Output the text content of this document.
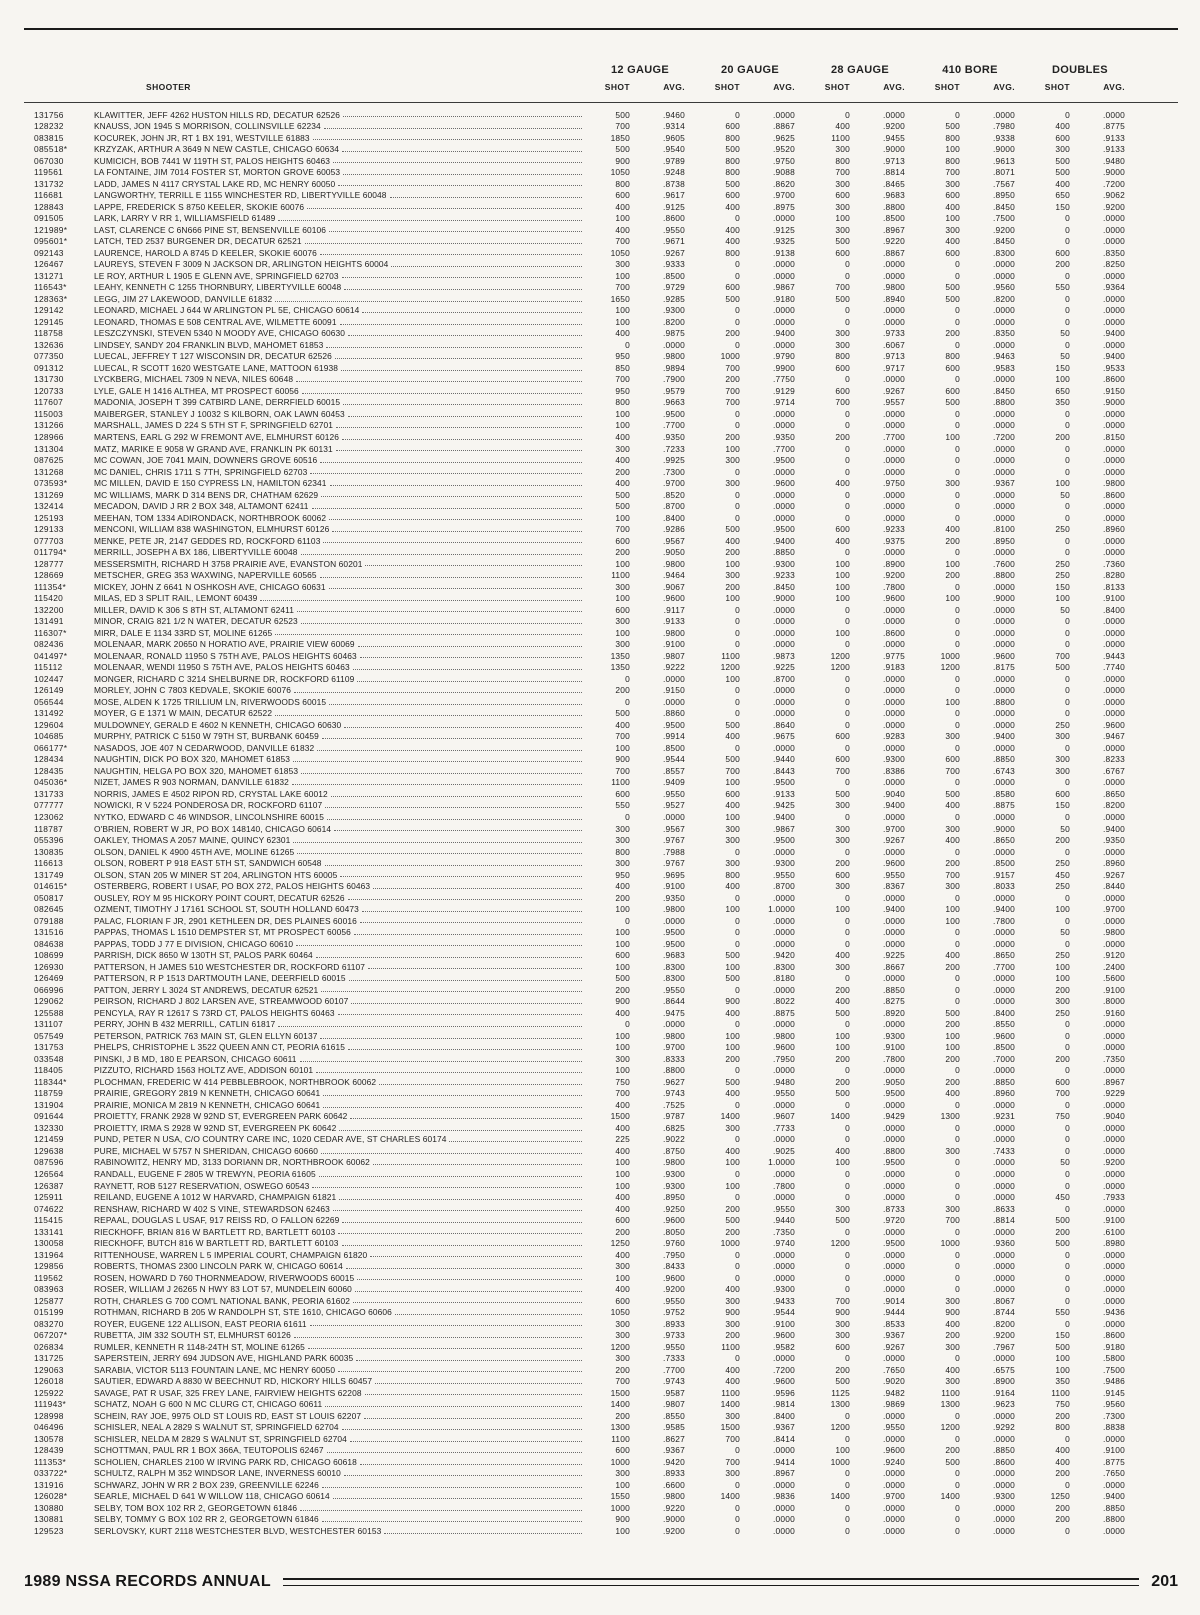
12 GAUGE	20 GAUGE	28 GAUGE	410 BORE	DOUBLES
SHOOTER	SHOT	AVG.	SHOT	AVG.	SHOT	AVG.	SHOT	AVG.	SHOT	AVG.
131756	KLAWITTER, JEFF 4262 HUSTON HILLS RD, DECATUR 62526	500	.9460	0	.0000	0	.0000	0	.0000	0	.0000
128232	KNAUSS, JON 1945 S MORRISON, COLLINSVILLE 62234	700	.9314	600	.8867	400	.9200	500	.7980	400	.8775
083815	KOCUREK, JOHN JR, RT 1 BX 191, WESTVILLE 61883	1850	.9605	800	.9625	1100	.9455	800	.9338	600	.9133
085518*	KRZYZAK, ARTHUR A 3649 N NEW CASTLE, CHICAGO 60634	500	.9540	500	.9520	300	.9000	100	.9000	300	.9133
067030	KUMICICH, BOB 7441 W 119TH ST, PALOS HEIGHTS 60463	900	.9789	800	.9750	800	.9713	800	.9613	500	.9480
119561	LA FONTAINE, JIM 7014 FOSTER ST, MORTON GROVE 60053	1050	.9248	800	.9088	700	.8814	700	.8071	500	.9000
131732	LADD, JAMES N 4117 CRYSTAL LAKE RD, MC HENRY 60050	800	.8738	500	.8620	300	.8465	300	.7567	400	.7200
116681	LANGWORTHY, TERRILL E 1155 WINCHESTER RD, LIBERTYVILLE 60048	600	.9617	600	.9700	600	.9683	600	.8950	650	.9062
128843	LAPPE, FREDERICK S 8750 KEELER, SKOKIE 60076	400	.9125	400	.8975	300	.8800	400	.8450	150	.9200
091505	LARK, LARRY V RR 1, WILLIAMSFIELD 61489	100	.8600	0	.0000	100	.8500	100	.7500	0	.0000
121989*	LAST, CLARENCE C 6N666 PINE ST, BENSENVILLE 60106	400	.9550	400	.9125	300	.8967	300	.9200	0	.0000
095601*	LATCH, TED 2537 BURGENER DR, DECATUR 62521	700	.9671	400	.9325	500	.9220	400	.8450	0	.0000
092143	LAURENCE, HAROLD A 8745 D KEELER, SKOKIE 60076	1050	.9267	800	.9138	600	.8867	600	.8300	600	.8350
126467	LAUREYS, STEVEN F 3009 N JACKSON DR, ARLINGTON HEIGHTS 60004	300	.9333	0	.0000	0	.0000	0	.0000	200	.8250
131271	LE ROY, ARTHUR L 1905 E GLENN AVE, SPRINGFIELD 62703	100	.8500	0	.0000	0	.0000	0	.0000	0	.0000
116543*	LEAHY, KENNETH C 1255 THORNBURY, LIBERTYVILLE 60048	700	.9729	600	.9867	700	.9800	500	.9560	550	.9364
128363*	LEGG, JIM 27 LAKEWOOD, DANVILLE 61832	1650	.9285	500	.9180	500	.8940	500	.8200	0	.0000
129142	LEONARD, MICHAEL J 644 W ARLINGTON PL 5E, CHICAGO 60614	100	.9300	0	.0000	0	.0000	0	.0000	0	.0000
129145	LEONARD, THOMAS E 508 CENTRAL AVE, WILMETTE 60091	100	.8200	0	.0000	0	.0000	0	.0000	0	.0000
118758	LESZCZYNSKI, STEVEN 5340 N MOODY AVE, CHICAGO 60630	400	.9875	200	.9400	300	.9733	200	.8350	50	.9400
132636	LINDSEY, SANDY 204 FRANKLIN BLVD, MAHOMET 61853	0	.0000	0	.0000	300	.6067	0	.0000	0	.0000
077350	LUECAL, JEFFREY T 127 WISCONSIN DR, DECATUR 62526	950	.9800	1000	.9790	800	.9713	800	.9463	50	.9400
091312	LUECAL, R SCOTT 1620 WESTGATE LANE, MATTOON 61938	850	.9894	700	.9900	600	.9717	600	.9583	150	.9533
131730	LYCKBERG, MICHAEL 7309 N NEVA, NILES 60648	700	.7900	200	.7750	0	.0000	0	.0000	100	.8600
120733	LYLE, GALE H 1416 ALTHEA, MT PROSPECT 60056	950	.9579	700	.9129	600	.9267	600	.8450	650	.9150
117607	MADONIA, JOSEPH T 399 CATBIRD LANE, DERRFIELD 60015	800	.9663	700	.9714	700	.9557	500	.8800	350	.9000
115003	MAIBERGER, STANLEY J 10032 S KILBORN, OAK LAWN 60453	100	.9500	0	.0000	0	.0000	0	.0000	0	.0000
131266	MARSHALL, JAMES D 224 S 5TH ST F, SPRINGFIELD 62701	100	.7700	0	.0000	0	.0000	0	.0000	0	.0000
128966	MARTENS, EARL G 292 W FREMONT AVE, ELMHURST 60126	400	.9350	200	.9350	200	.7700	100	.7200	200	.8150
131304	MATZ, MARIKE E 9058 W GRAND AVE, FRANKLIN PK 60131	300	.7233	100	.7700	0	.0000	0	.0000	0	.0000
087625	MC COWAN, JOE 7041 MAIN, DOWNERS GROVE 60516	400	.9925	300	.9500	0	.0000	0	.0000	0	.0000
131268	MC DANIEL, CHRIS 1711 S 7TH, SPRINGFIELD 62703	200	.7300	0	.0000	0	.0000	0	.0000	0	.0000
073593*	MC MILLEN, DAVID E 150 CYPRESS LN, HAMILTON 62341	400	.9700	300	.9600	400	.9750	300	.9367	100	.9800
131269	MC WILLIAMS, MARK D 314 BENS DR, CHATHAM 62629	500	.8520	0	.0000	0	.0000	0	.0000	50	.8600
132414	MECADON, DAVID J RR 2 BOX 348, ALTAMONT 62411	500	.8700	0	.0000	0	.0000	0	.0000	0	.0000
125193	MEEHAN, TOM 1334 ADIRONDACK, NORTHBROOK 60062	100	.8400	0	.0000	0	.0000	0	.0000	0	.0000
129133	MENCONI, WILLIAM 838 WASHINGTON, ELMHURST 60126	700	.9286	500	.9500	600	.9233	400	.8100	250	.8960
077703	MENKE, PETE JR, 2147 GEDDES RD, ROCKFORD 61103	600	.9567	400	.9400	400	.9375	200	.8950	0	.0000
011794*	MERRILL, JOSEPH A BX 186, LIBERTYVILLE 60048	200	.9050	200	.8850	0	.0000	0	.0000	0	.0000
128777	MESSERSMITH, RICHARD H 3758 PRAIRIE AVE, EVANSTON 60201	100	.9800	100	.9300	100	.8900	100	.7600	250	.7360
128669	METSCHER, GREG 353 WAXWING, NAPERVILLE 60565	1100	.9464	300	.9233	100	.9200	200	.8800	250	.8280
111354*	MICKEY, JOHN Z 6641 N OSHKOSH AVE, CHICAGO 60631	300	.9067	200	.8450	100	.7800	0	.0000	150	.8133
115420	MILAS, ED 3 SPLIT RAIL, LEMONT 60439	100	.9600	100	.9000	100	.9600	100	.9000	100	.9100
132200	MILLER, DAVID K 306 S 8TH ST, ALTAMONT 62411	600	.9117	0	.0000	0	.0000	0	.0000	50	.8400
131491	MINOR, CRAIG 821 1/2 N WATER, DECATUR 62523	300	.9133	0	.0000	0	.0000	0	.0000	0	.0000
116307*	MIRR, DALE E 1134 33RD ST, MOLINE 61265	100	.9800	0	.0000	100	.8600	0	.0000	0	.0000
082436	MOLENAAR, MARK 20650 N HORATIO AVE, PRAIRIE VIEW 60069	300	.9100	0	.0000	0	.0000	0	.0000	0	.0000
041497*	MOLENAAR, RONALD 11950 S 75TH AVE, PALOS HEIGHTS 60463	1350	.9807	1100	.9873	1200	.9775	1000	.9600	700	.9443
115112	MOLENAAR, WENDI 11950 S 75TH AVE, PALOS HEIGHTS 60463	1350	.9222	1200	.9225	1200	.9183	1200	.8175	500	.7740
102447	MONGER, RICHARD C 3214 SHELBURNE DR, ROCKFORD 61109	0	.0000	100	.8700	0	.0000	0	.0000	0	.0000
126149	MORLEY, JOHN C 7803 KEDVALE, SKOKIE 60076	200	.9150	0	.0000	0	.0000	0	.0000	0	.0000
056544	MOSE, ALDEN K 1725 TRILLIUM LN, RIVERWOODS 60015	0	.0000	0	.0000	0	.0000	100	.8800	0	.0000
131492	MOYER, G E 1371 W MAIN, DECATUR 62522	500	.8860	0	.0000	0	.0000	0	.0000	0	.0000
129604	MULDOWNEY, GERALD E 4602 N KENNETH, CHICAGO 60630	400	.9500	500	.8640	0	.0000	0	.0000	250	.9600
104685	MURPHY, PATRICK C 5150 W 79TH ST, BURBANK 60459	700	.9914	400	.9675	600	.9283	300	.9400	300	.9467
066177*	NASADOS, JOE 407 N CEDARWOOD, DANVILLE 61832	100	.8500	0	.0000	0	.0000	0	.0000	0	.0000
128434	NAUGHTIN, DICK PO BOX 320, MAHOMET 61853	900	.9544	500	.9440	600	.9300	600	.8850	300	.8233
128435	NAUGHTIN, HELGA PO BOX 320, MAHOMET 61853	700	.8557	700	.8443	700	.8386	700	.6743	300	.6767
045036*	NIZET, JAMES R 903 NORMAN, DANVILLE 61832	1100	.9409	100	.9500	0	.0000	0	.0000	0	.0000
131733	NORRIS, JAMES E 4502 RIPON RD, CRYSTAL LAKE 60012	600	.9550	600	.9133	500	.9040	500	.8580	600	.8650
077777	NOWICKI, R V 5224 PONDEROSA DR, ROCKFORD 61107	550	.9527	400	.9425	300	.9400	400	.8875	150	.8200
123062	NYTKO, EDWARD C 46 WINDSOR, LINCOLNSHIRE 60015	0	.0000	100	.9400	0	.0000	0	.0000	0	.0000
118787	O'BRIEN, ROBERT W JR, PO BOX 148140, CHICAGO 60614	300	.9567	300	.9867	300	.9700	300	.9000	50	.9400
055396	OAKLEY, THOMAS A 2057 MAINE, QUINCY 62301	300	.9767	300	.9500	300	.9267	400	.8650	200	.9350
130835	OLSON, DANIEL K 4900 45TH AVE, MOLINE 61265	800	.7988	0	.0000	0	.0000	0	.0000	0	.0000
116613	OLSON, ROBERT P 918 EAST 5TH ST, SANDWICH 60548	300	.9767	300	.9300	200	.9600	200	.8500	250	.8960
131749	OLSON, STAN 205 W MINER ST 204, ARLINGTON HTS 60005	950	.9695	800	.9550	600	.9550	700	.9157	450	.9267
014615*	OSTERBERG, ROBERT I USAF, PO BOX 272, PALOS HEIGHTS 60463	400	.9100	400	.8700	300	.8367	300	.8033	250	.8440
050817	OUSLEY, ROY M 95 HICKORY POINT COURT, DECATUR 62526	200	.9350	0	.0000	0	.0000	0	.0000	0	.0000
082645	OZMENT, TIMOTHY J 17161 SCHOOL ST, SOUTH HOLLAND 60473	100	.9800	100	1.0000	100	.9400	100	.9400	100	.9700
079188	PALAC, FLORIAN F JR, 2901 KETHLEEN DR, DES PLAINES 60016	0	.0000	0	.0000	0	.0000	100	.7800	0	.0000
131516	PAPPAS, THOMAS L 1510 DEMPSTER ST, MT PROSPECT 60056	100	.9500	0	.0000	0	.0000	0	.0000	50	.9800
084638	PAPPAS, TODD J 77 E DIVISION, CHICAGO 60610	100	.9500	0	.0000	0	.0000	0	.0000	0	.0000
108699	PARRISH, DICK 8650 W 130TH ST, PALOS PARK 60464	600	.9683	500	.9420	400	.9225	400	.8650	250	.9120
126930	PATTERSON, H JAMES 510 WESTCHESTER DR, ROCKFORD 61107	100	.8300	100	.8300	300	.8667	200	.7700	100	.2400
126469	PATTERSON, R P 1513 DARTMOUTH LANE, DEERFIELD 60015	500	.8300	500	.8180	0	.0000	0	.0000	100	.5600
066996	PATTON, JERRY L 3024 ST ANDREWS, DECATUR 62521	200	.9550	0	.0000	200	.8850	0	.0000	200	.9100
129062	PEIRSON, RICHARD J 802 LARSEN AVE, STREAMWOOD 60107	900	.8644	900	.8022	400	.8275	0	.0000	300	.8000
125588	PENCYLA, RAY R 12617 S 73RD CT, PALOS HEIGHTS 60463	400	.9475	400	.8875	500	.8920	500	.8400	250	.9160
131107	PERRY, JOHN B 432 MERRILL, CATLIN 61817	0	.0000	0	.0000	0	.0000	200	.8550	0	.0000
057549	PETERSON, PATRICK 763 MAIN ST, GLEN ELLYN 60137	100	.9800	100	.9800	100	.9300	100	.9600	0	.0000
131753	PHELPS, CHRISTOPHE L 3522 QUEEN ANN CT, PEORIA 61615	100	.9700	100	.9600	100	.9100	100	.8500	0	.0000
033548	PINSKI, J B MD, 180 E PEARSON, CHICAGO 60611	300	.8333	200	.7950	200	.7800	200	.7000	200	.7350
118405	PIZZUTO, RICHARD 1563 HOLTZ AVE, ADDISON 60101	100	.8800	0	.0000	0	.0000	0	.0000	0	.0000
118344*	PLOCHMAN, FREDERIC W 414 PEBBLEBROOK, NORTHBROOK 60062	750	.9627	500	.9480	200	.9050	200	.8850	600	.8967
118759	PRAIRIE, GREGORY 2819 N KENNETH, CHICAGO 60641	700	.9743	400	.9550	500	.9500	400	.8960	700	.9229
131904	PRAIRIE, MONICA M 2819 N KENNETH, CHICAGO 60641	400	.7525	0	.0000	0	.0000	0	.0000	0	.0000
091644	PROIETTY, FRANK 2928 W 92ND ST, EVERGREEN PARK 60642	1500	.9787	1400	.9607	1400	.9429	1300	.9231	750	.9040
132330	PROIETTY, IRMA S 2928 W 92ND ST, EVERGREEN PK 60642	400	.6825	300	.7733	0	.0000	0	.0000	0	.0000
121459	PUND, PETER N USA, C/O COUNTRY CARE INC, 1020 CEDAR AVE, ST CHARLES 60174	225	.9022	0	.0000	0	.0000	0	.0000	0	.0000
129638	PURE, MICHAEL W 5757 N SHERIDAN, CHICAGO 60660	400	.8750	400	.9025	400	.8800	300	.7433	0	.0000
087596	RABINOWITZ, HENRY MD, 3133 DORIANN DR, NORTHBROOK 60062	100	.9800	100	1.0000	100	.9500	0	.0000	50	.9200
126564	RANDALL, EUGENE F 2805 W TREWYN, PEORIA 61605	100	.9300	0	.0000	0	.0000	0	.0000	0	.0000
126387	RAYNETT, ROB 5127 RESERVATION, OSWEGO 60543	100	.9300	100	.7800	0	.0000	0	.0000	0	.0000
125911	REILAND, EUGENE A 1012 W HARVARD, CHAMPAIGN 61821	400	.8950	0	.0000	0	.0000	0	.0000	450	.7933
074622	RENSHAW, RICHARD W 402 S VINE, STEWARDSON 62463	400	.9250	200	.9550	300	.8733	300	.8633	0	.0000
115415	REPAAL, DOUGLAS L USAF, 917 REISS RD, O FALLON 62269	600	.9600	500	.9440	500	.9720	700	.8814	500	.9100
133141	RIECKHOFF, BRIAN 816 W BARTLETT RD, BARTLETT 60103	200	.8050	200	.7350	0	.0000	0	.0000	200	.6100
130058	RIECKHOFF, BUTCH 816 W BARTLETT RD, BARTLETT 60103	1250	.9760	1000	.9740	1200	.9500	1000	.9360	500	.8980
131964	RITTENHOUSE, WARREN L 5 IMPERIAL COURT, CHAMPAIGN 61820	400	.7950	0	.0000	0	.0000	0	.0000	0	.0000
129856	ROBERTS, THOMAS 2300 LINCOLN PARK W, CHICAGO 60614	300	.8433	0	.0000	0	.0000	0	.0000	0	.0000
119562	ROSEN, HOWARD D 760 THORNMEADOW, RIVERWOODS 60015	100	.9600	0	.0000	0	.0000	0	.0000	0	.0000
083963	ROSER, WILLIAM J 26265 N HWY 83 LOT 57, MUNDELEIN 60060	400	.9200	400	.9300	0	.0000	0	.0000	0	.0000
125877	ROTH, CHARLES G 700 COM'L NATIONAL BANK, PEORIA 61602	600	.9550	300	.9433	700	.9014	300	.8067	0	.0000
015199	ROTHMAN, RICHARD B 205 W RANDOLPH ST, STE 1610, CHICAGO 60606	1050	.9752	900	.9544	900	.9444	900	.8744	550	.9436
083270	ROYER, EUGENE 122 ALLISON, EAST PEORIA 61611	300	.8933	300	.9100	300	.8533	400	.8200	0	.0000
067207*	RUBETTA, JIM 332 SOUTH ST, ELMHURST 60126	300	.9733	200	.9600	300	.9367	200	.9200	150	.8600
026834	RUMLER, KENNETH R 1148-24TH ST, MOLINE 61265	1200	.9550	1100	.9582	600	.9267	300	.7967	500	.9180
131725	SAPERSTEIN, JERRY 694 JUDSON AVE, HIGHLAND PARK 60035	300	.7333	0	.0000	0	.0000	0	.0000	100	.5800
129063	SARABIA, VICTOR 5113 FOUNTAIN LANE, MC HENRY 60050	200	.7700	400	.7200	200	.7650	400	.6575	100	.7500
126018	SAUTIER, EDWARD A 8830 W BEECHNUT RD, HICKORY HILLS 60457	700	.9743	400	.9600	500	.9020	300	.8900	350	.9486
125922	SAVAGE, PAT R USAF, 325 FREY LANE, FAIRVIEW HEIGHTS 62208	1500	.9587	1100	.9596	1125	.9482	1100	.9164	1100	.9145
111943*	SCHATZ, NOAH G 600 N MC CLURG CT, CHICAGO 60611	1400	.9807	1400	.9814	1300	.9869	1300	.9623	750	.9560
128998	SCHEIN, RAY JOE, 9975 OLD ST LOUIS RD, EAST ST LOUIS 62207	200	.8550	300	.8400	0	.0000	0	.0000	200	.7300
046496	SCHISLER, NEAL A 2829 S WALNUT ST, SPRINGFIELD 62704	1300	.9585	1500	.9367	1200	.9550	1200	.9292	800	.8838
130578	SCHISLER, NELDA M 2829 S WALNUT ST, SPRINGFIELD 62704	1100	.8627	700	.8414	0	.0000	0	.0000	0	.0000
128439	SCHOTTMAN, PAUL RR 1 BOX 366A, TEUTOPOLIS 62467	600	.9367	0	.0000	100	.9600	200	.8850	400	.9100
111353*	SCHOLIEN, CHARLES 2100 W IRVING PARK RD, CHICAGO 60618	1000	.9420	700	.9414	1000	.9240	500	.8600	400	.8775
033722*	SCHULTZ, RALPH M 352 WINDSOR LANE, INVERNESS 60010	300	.8933	300	.8967	0	.0000	0	.0000	200	.7650
131916	SCHWARZ, JOHN W RR 2 BOX 239, GREENVILLE 62246	100	.6600	0	.0000	0	.0000	0	.0000	0	.0000
126028*	SEARLE, MICHAEL D 641 W WILLOW 118, CHICAGO 60614	1550	.9800	1400	.9836	1400	.9700	1400	.9300	1250	.9400
130880	SELBY, TOM BOX 102 RR 2, GEORGETOWN 61846	1000	.9220	0	.0000	0	.0000	0	.0000	200	.8850
130881	SELBY, TOMMY G BOX 102 RR 2, GEORGETOWN 61846	900	.9000	0	.0000	0	.0000	0	.0000	200	.8800
129523	SERLOVSKY, KURT 2118 WESTCHESTER BLVD, WESTCHESTER 60153	100	.9200	0	.0000	0	.0000	0	.0000	0	.0000
1989 NSSA RECORDS ANNUAL	201
